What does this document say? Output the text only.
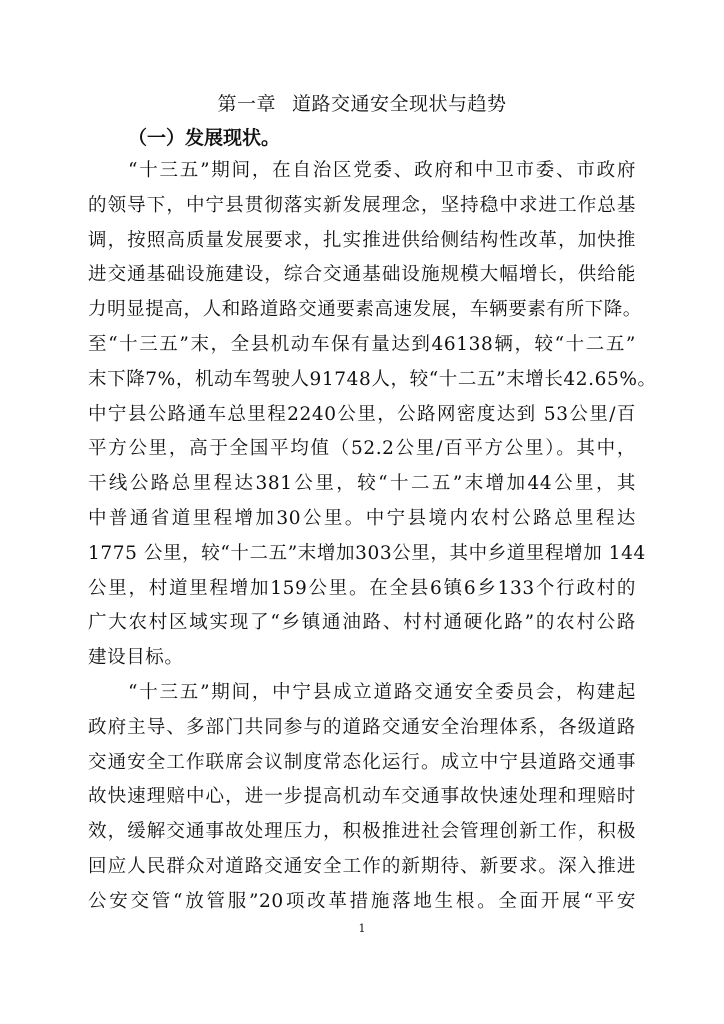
第一章 道路交通安全现状与趋势
（一）发展现状。

“十三五”期间，在自治区党委、政府和中卫市委、市政府

的领导下，中宁县贯彻落实新发展理念，坚持稳中求进工作总基

调，按照高质量发展要求，扎实推进供给侧结构性改革，加快推

进交通基础设施建设，综合交通基础设施规模大幅增长，供给能

力明显提高，人和路道路交通要素高速发展，车辆要素有所下降。

至“十三五”末，全县机动车保有量达到46138辆，较“十二五”

末下降7%，机动车驾驶人91748人，较“十二五”末增长42.65%。

中宁县公路通车总里程2240公里，公路网密度达到 53公里/百

平方公里，高于全国平均值（52.2公里/百平方公里）。其中，

干线公路总里程达381公里，较“十二五”末增加44公里，其

中普通省道里程增加30公里。中宁县境内农村公路总里程达

1775 公里，较“十二五”末增加303公里，其中乡道里程增加 144

公里，村道里程增加159公里。在全县6镇6乡133个行政村的

广大农村区域实现了“乡镇通油路、村村通硬化路”的农村公路

建设目标。

“十三五”期间，中宁县成立道路交通安全委员会，构建起

政府主导、多部门共同参与的道路交通安全治理体系，各级道路

交通安全工作联席会议制度常态化运行。成立中宁县道路交通事

故快速理赔中心，进一步提高机动车交通事故快速处理和理赔时

效，缓解交通事故处理压力，积极推进社会管理创新工作，积极

回应人民群众对道路交通安全工作的新期待、新要求。深入推进

公安交管“放管服”20项改革措施落地生根。全面开展“平安

1
